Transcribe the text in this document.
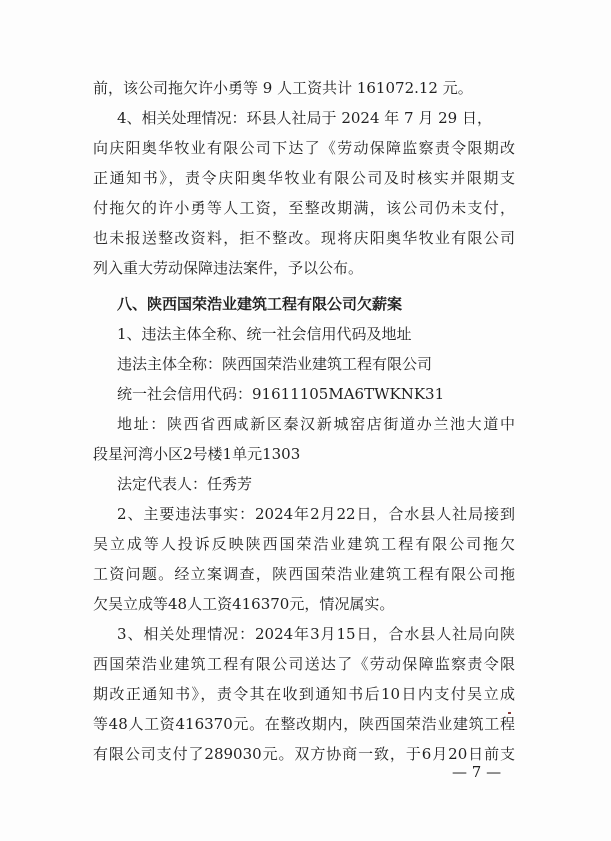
前，该公司拖欠许小勇等 9 人工资共计 161072.12 元。
4、相关处理情况：环县人社局于 2024 年 7 月 29 日，
向庆阳奥华牧业有限公司下达了《劳动保障监察责令限期改
正通知书》，责令庆阳奥华牧业有限公司及时核实并限期支
付拖欠的许小勇等人工资，至整改期满，该公司仍未支付，
也未报送整改资料，拒不整改。现将庆阳奥华牧业有限公司
列入重大劳动保障违法案件，予以公布。
八、陕西国荣浩业建筑工程有限公司欠薪案
1、违法主体全称、统一社会信用代码及地址
违法主体全称：陕西国荣浩业建筑工程有限公司
统一社会信用代码：91611105MA6TWKNK31
地址：陕西省西咸新区秦汉新城窑店街道办兰池大道中
段星河湾小区2号楼1单元1303
法定代表人：任秀芳
2、主要违法事实：2024年2月22日，合水县人社局接到
吴立成等人投诉反映陕西国荣浩业建筑工程有限公司拖欠
工资问题。经立案调查，陕西国荣浩业建筑工程有限公司拖
欠吴立成等48人工资416370元，情况属实。
3、相关处理情况：2024年3月15日，合水县人社局向陕
西国荣浩业建筑工程有限公司送达了《劳动保障监察责令限
期改正通知书》，责令其在收到通知书后10日内支付吴立成
等48人工资416370元。在整改期内，陕西国荣浩业建筑工程
有限公司支付了289030元。双方协商一致，于6月20日前支
— 7 —
